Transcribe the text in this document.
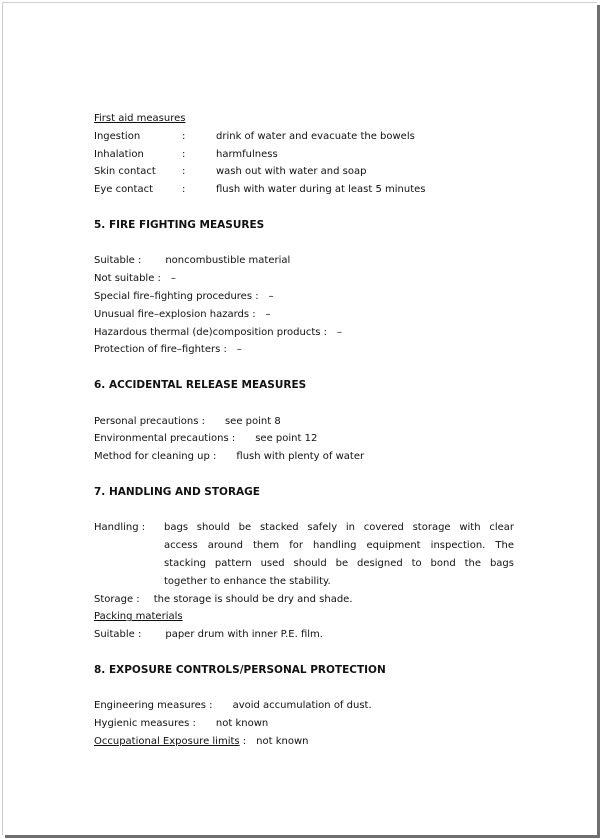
First aid measures
Ingestion	:	drink of water and evacuate the bowels
Inhalation	:	harmfulness
Skin contact	:	wash out with water and soap
Eye contact	:	flush with water during at least 5 minutes
5. FIRE FIGHTING MEASURES
Suitable : noncombustible material
Not suitable : –
Special fire–fighting procedures : –
Unusual fire–explosion hazards : –
Hazardous thermal (de)composition products : –
Protection of fire–fighters : –
6. ACCIDENTAL RELEASE MEASURES
Personal precautions : see point 8
Environmental precautions : see point 12
Method for cleaning up : flush with plenty of water
7. HANDLING AND STORAGE
Handling : bags should be stacked safely in covered storage with clear
access around them for handling equipment inspection. The
stacking pattern used should be designed to bond the bags
together to enhance the stability.
Storage : the storage is should be dry and shade.
Packing materials
Suitable : paper drum with inner P.E. film.
8. EXPOSURE CONTROLS/PERSONAL PROTECTION
Engineering measures : avoid accumulation of dust.
Hygienic measures : not known
Occupational Exposure limits : not known
